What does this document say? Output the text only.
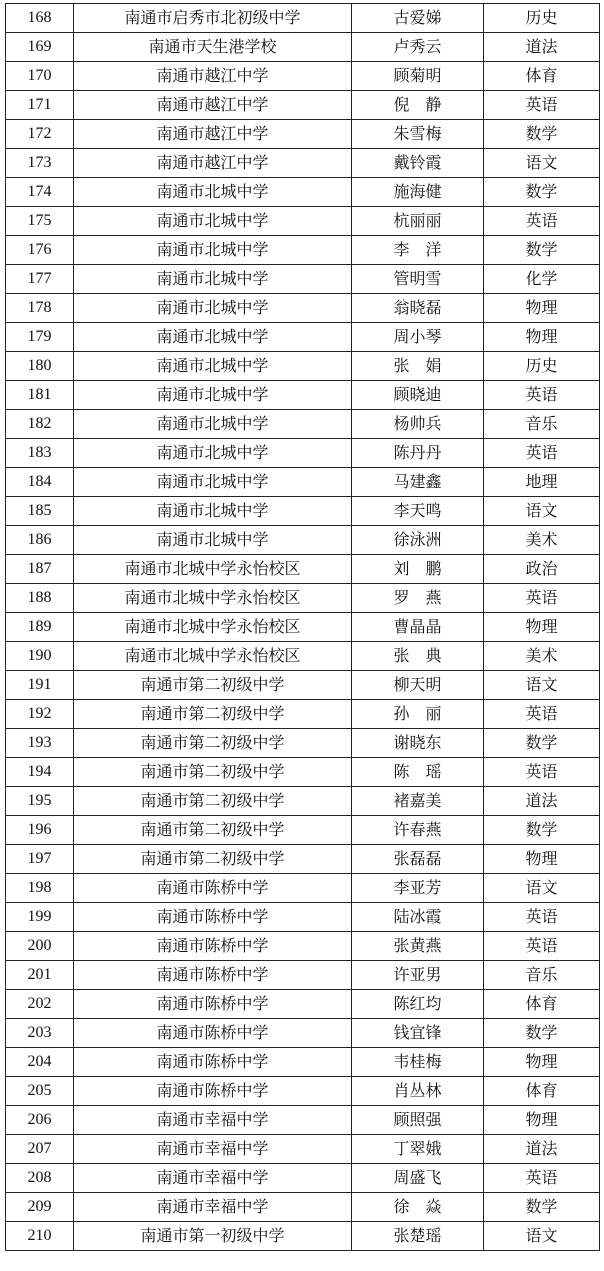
168	南通市启秀市北初级中学	古爱娣	历史
169	南通市天生港学校	卢秀云	道法
170	南通市越江中学	顾菊明	体育
171	南通市越江中学	倪　静	英语
172	南通市越江中学	朱雪梅	数学
173	南通市越江中学	戴铃霞	语文
174	南通市北城中学	施海健	数学
175	南通市北城中学	杭丽丽	英语
176	南通市北城中学	李　洋	数学
177	南通市北城中学	管明雪	化学
178	南通市北城中学	翁晓磊	物理
179	南通市北城中学	周小琴	物理
180	南通市北城中学	张　娟	历史
181	南通市北城中学	顾晓迪	英语
182	南通市北城中学	杨帅兵	音乐
183	南通市北城中学	陈丹丹	英语
184	南通市北城中学	马建鑫	地理
185	南通市北城中学	李天鸣	语文
186	南通市北城中学	徐泳洲	美术
187	南通市北城中学永怡校区	刘　鹏	政治
188	南通市北城中学永怡校区	罗　燕	英语
189	南通市北城中学永怡校区	曹晶晶	物理
190	南通市北城中学永怡校区	张　典	美术
191	南通市第二初级中学	柳天明	语文
192	南通市第二初级中学	孙　丽	英语
193	南通市第二初级中学	谢晓东	数学
194	南通市第二初级中学	陈　瑶	英语
195	南通市第二初级中学	褚嘉美	道法
196	南通市第二初级中学	许春燕	数学
197	南通市第二初级中学	张磊磊	物理
198	南通市陈桥中学	李亚芳	语文
199	南通市陈桥中学	陆冰霞	英语
200	南通市陈桥中学	张黄燕	英语
201	南通市陈桥中学	许亚男	音乐
202	南通市陈桥中学	陈红均	体育
203	南通市陈桥中学	钱宜锋	数学
204	南通市陈桥中学	韦桂梅	物理
205	南通市陈桥中学	肖丛林	体育
206	南通市幸福中学	顾照强	物理
207	南通市幸福中学	丁翠娥	道法
208	南通市幸福中学	周盛飞	英语
209	南通市幸福中学	徐　焱	数学
210	南通市第一初级中学	张楚瑶	语文
